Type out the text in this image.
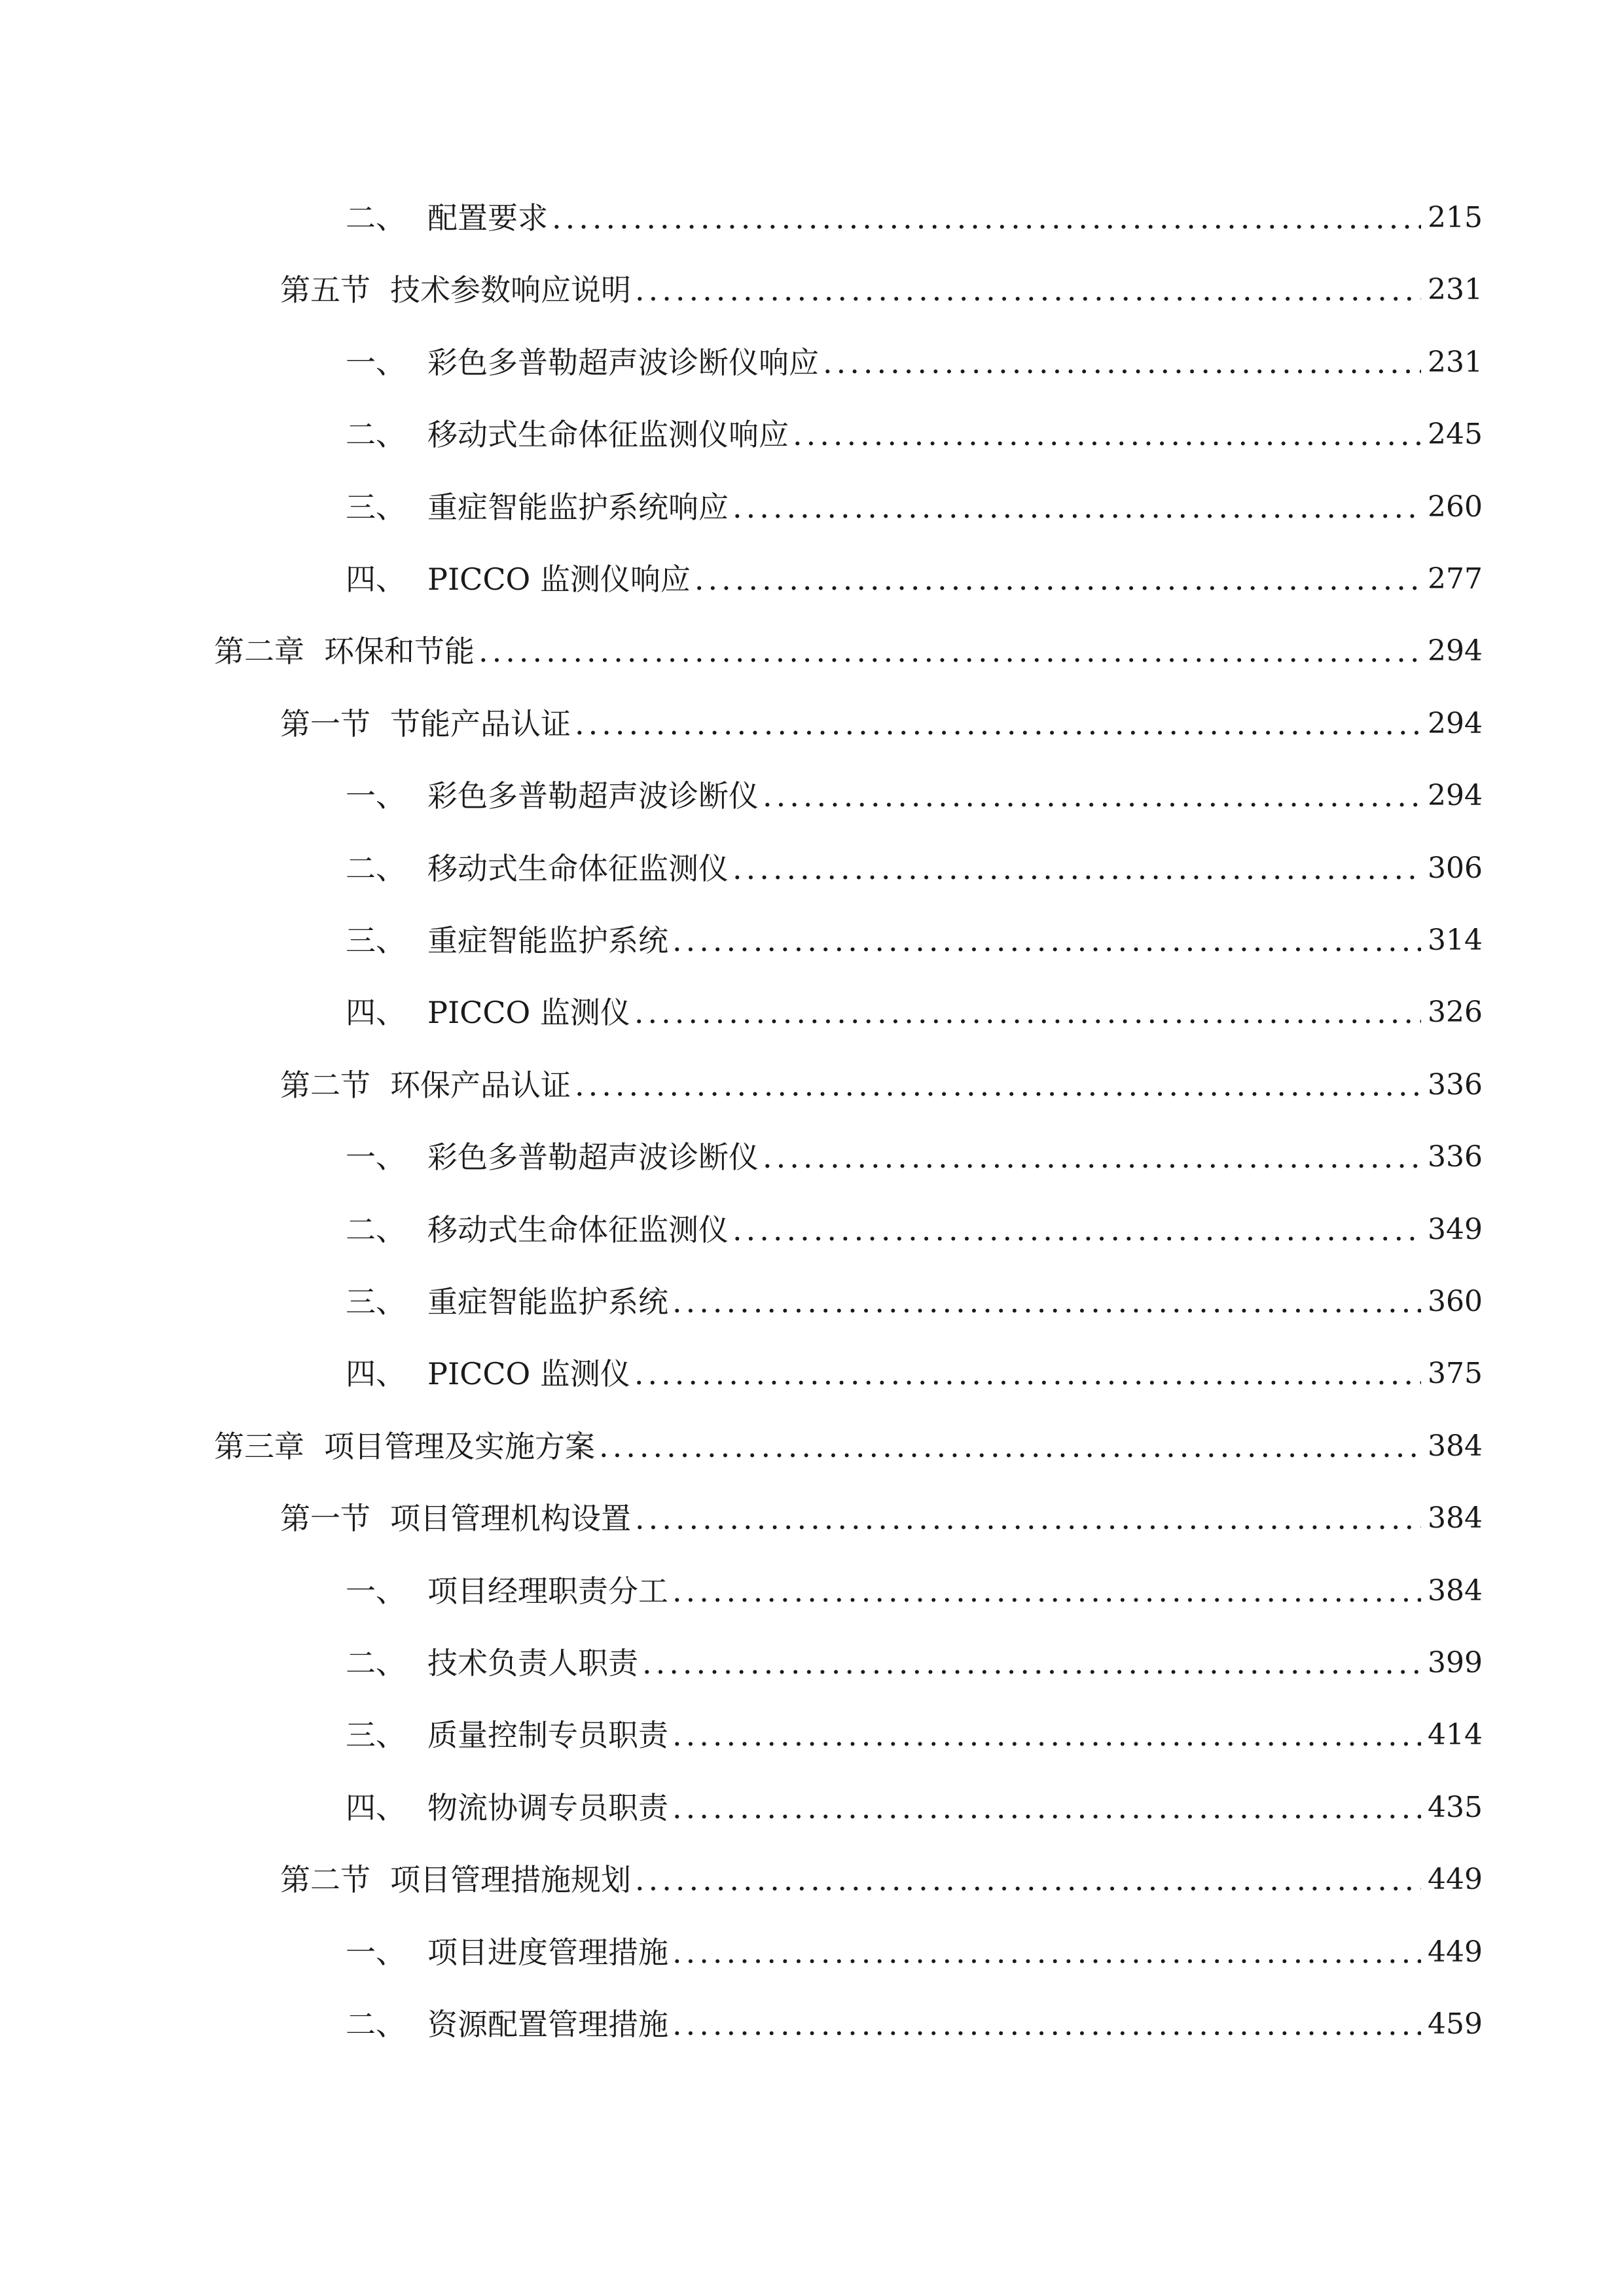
二、 配置要求 .....	215
第五节 技术参数响应说明 .....	231
一、 彩色多普勒超声波诊断仪响应 .....	231
二、 移动式生命体征监测仪响应 .....	245
三、 重症智能监护系统响应 .....	260
四、 PICCO 监测仪响应 .....	277
第二章 环保和节能 .....	294
第一节 节能产品认证 .....	294
一、 彩色多普勒超声波诊断仪 .....	294
二、 移动式生命体征监测仪 .....	306
三、 重症智能监护系统 .....	314
四、 PICCO 监测仪 .....	326
第二节 环保产品认证 .....	336
一、 彩色多普勒超声波诊断仪 .....	336
二、 移动式生命体征监测仪 .....	349
三、 重症智能监护系统 .....	360
四、 PICCO 监测仪 .....	375
第三章 项目管理及实施方案 .....	384
第一节 项目管理机构设置 .....	384
一、 项目经理职责分工 .....	384
二、 技术负责人职责 .....	399
三、 质量控制专员职责 .....	414
四、 物流协调专员职责 .....	435
第二节 项目管理措施规划 .....	449
一、 项目进度管理措施 .....	449
二、 资源配置管理措施 .....	459
